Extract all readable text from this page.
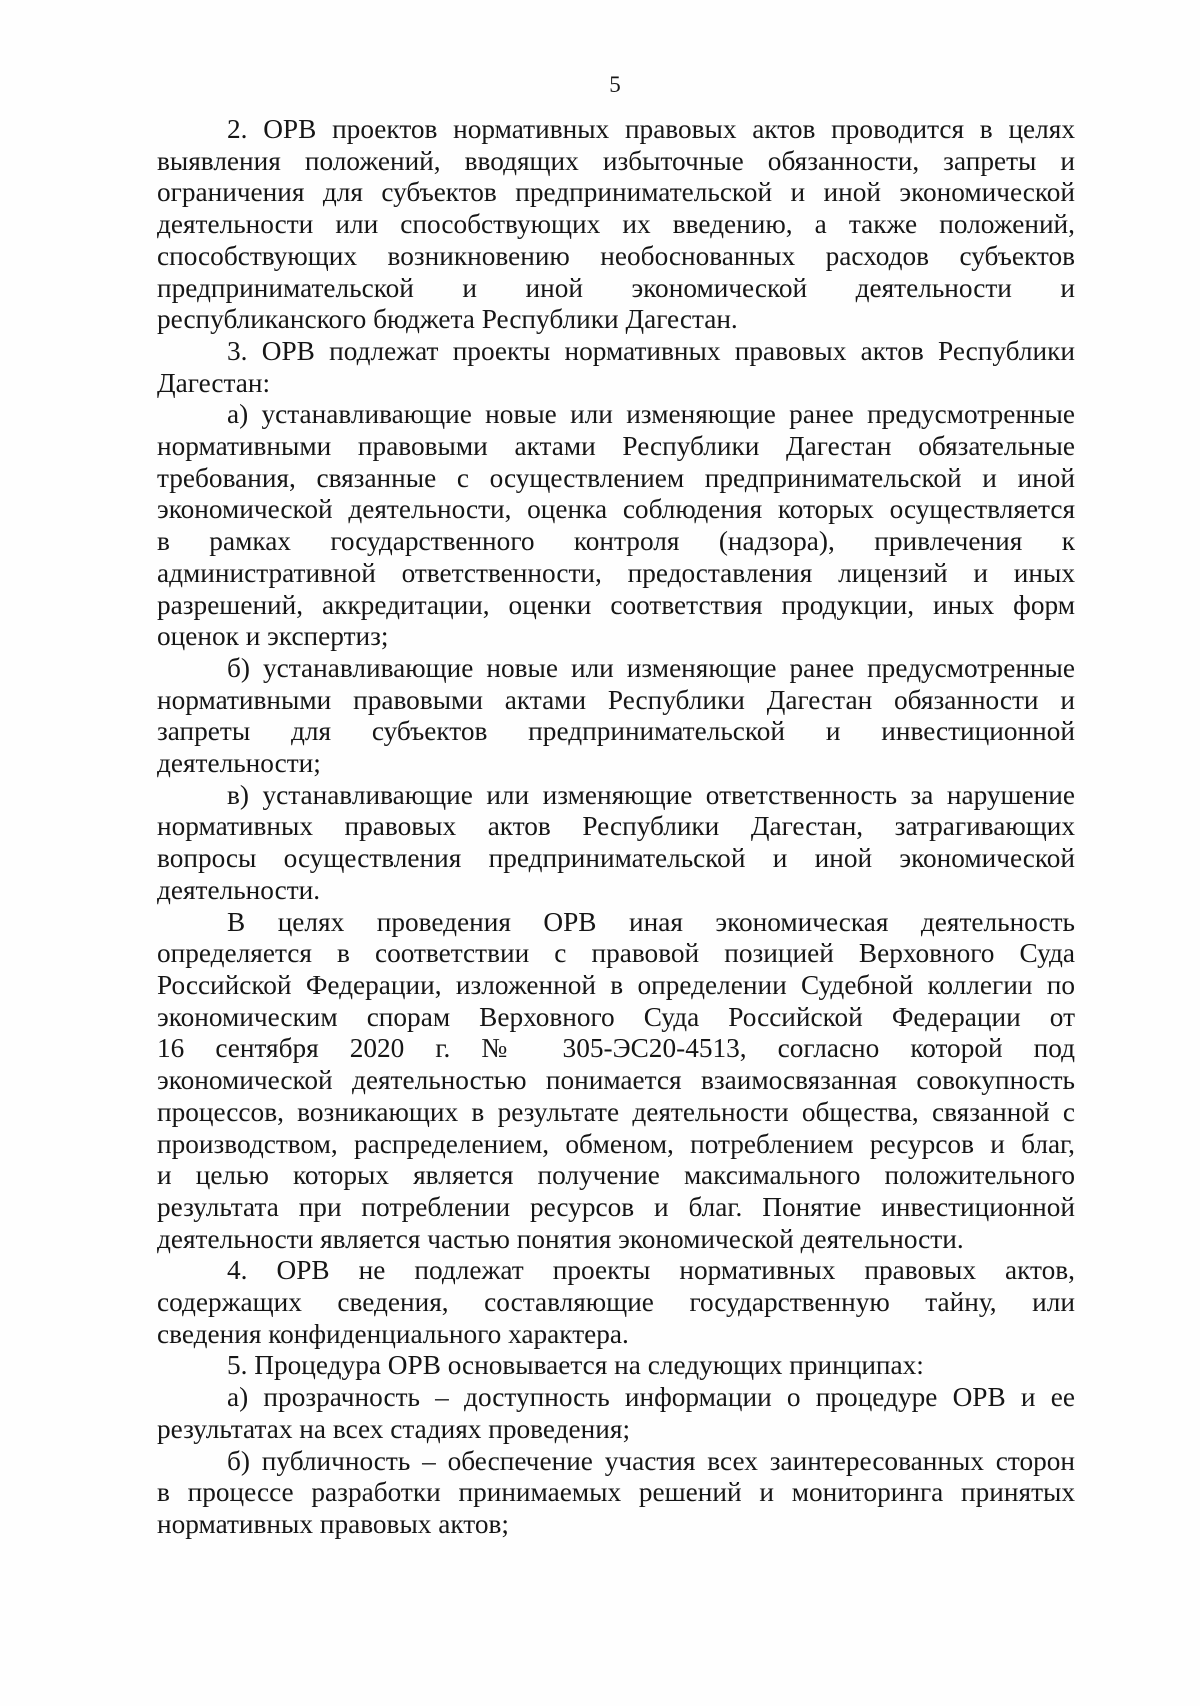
5
2. ОРВ проектов нормативных правовых актов проводится в целях
выявления положений, вводящих избыточные обязанности, запреты и
ограничения для субъектов предпринимательской и иной экономической
деятельности или способствующих их введению, а также положений,
способствующих возникновению необоснованных расходов субъектов
предпринимательской и иной экономической деятельности и
республиканского бюджета Республики Дагестан.
3. ОРВ подлежат проекты нормативных правовых актов Республики
Дагестан:
а) устанавливающие новые или изменяющие ранее предусмотренные
нормативными правовыми актами Республики Дагестан обязательные
требования, связанные с осуществлением предпринимательской и иной
экономической деятельности, оценка соблюдения которых осуществляется
в рамках государственного контроля (надзора), привлечения к
административной ответственности, предоставления лицензий и иных
разрешений, аккредитации, оценки соответствия продукции, иных форм
оценок и экспертиз;
б) устанавливающие новые или изменяющие ранее предусмотренные
нормативными правовыми актами Республики Дагестан обязанности и
запреты для субъектов предпринимательской и инвестиционной
деятельности;
в) устанавливающие или изменяющие ответственность за нарушение
нормативных правовых актов Республики Дагестан, затрагивающих
вопросы осуществления предпринимательской и иной экономической
деятельности.
В целях проведения ОРВ иная экономическая деятельность
определяется в соответствии с правовой позицией Верховного Суда
Российской Федерации, изложенной в определении Судебной коллегии по
экономическим спорам Верховного Суда Российской Федерации от
16 сентября 2020 г. № 305-ЭС20-4513, согласно которой под
экономической деятельностью понимается взаимосвязанная совокупность
процессов, возникающих в результате деятельности общества, связанной с
производством, распределением, обменом, потреблением ресурсов и благ,
и целью которых является получение максимального положительного
результата при потреблении ресурсов и благ. Понятие инвестиционной
деятельности является частью понятия экономической деятельности.
4. ОРВ не подлежат проекты нормативных правовых актов,
содержащих сведения, составляющие государственную тайну, или
сведения конфиденциального характера.
5. Процедура ОРВ основывается на следующих принципах:
а) прозрачность – доступность информации о процедуре ОРВ и ее
результатах на всех стадиях проведения;
б) публичность – обеспечение участия всех заинтересованных сторон
в процессе разработки принимаемых решений и мониторинга принятых
нормативных правовых актов;
